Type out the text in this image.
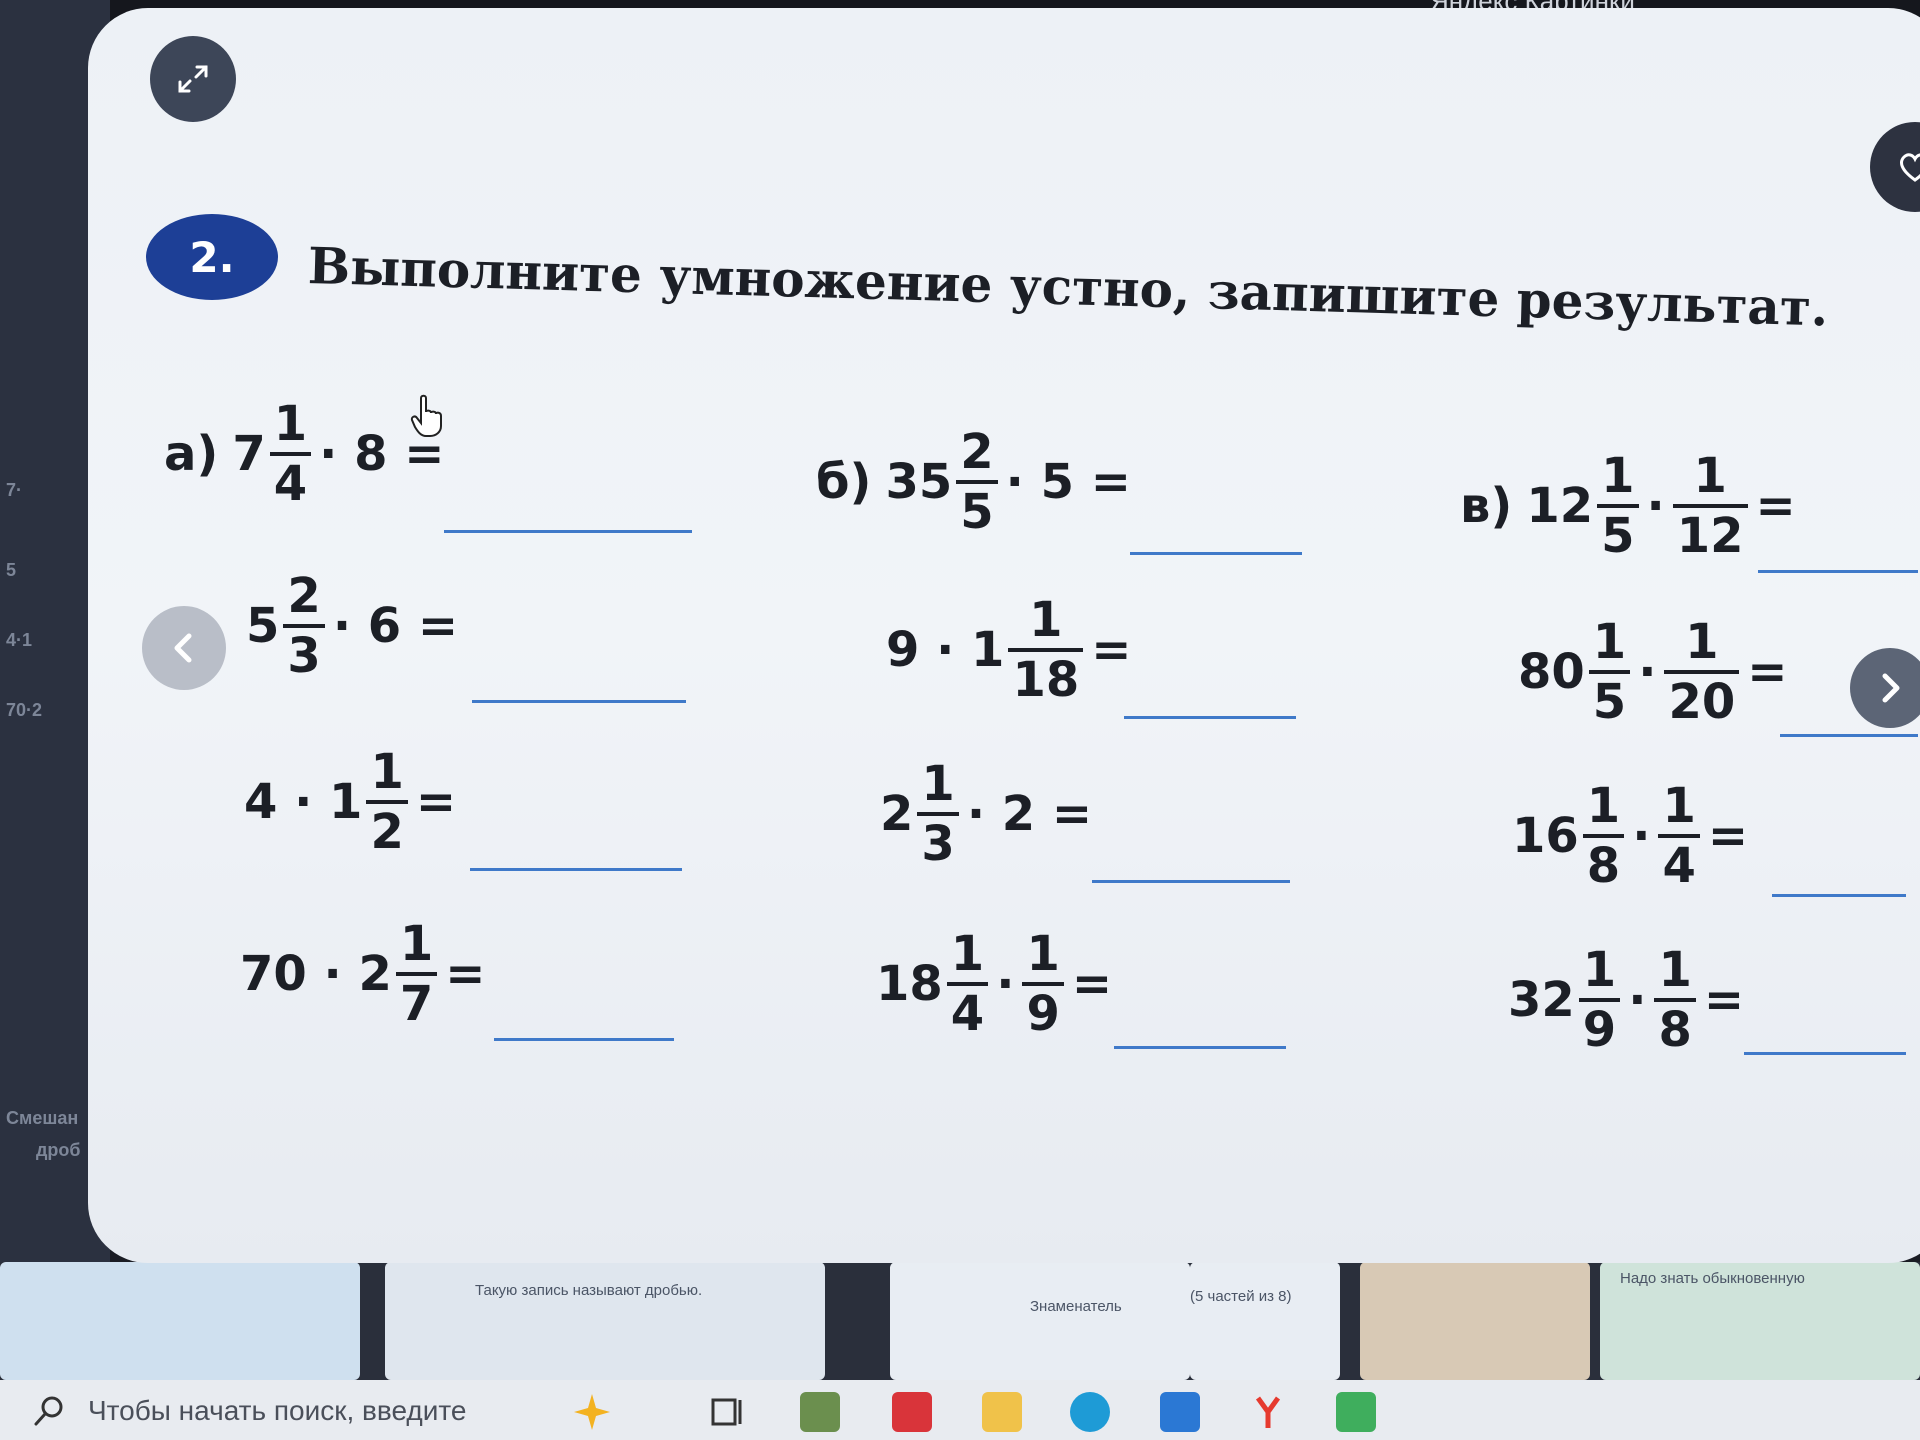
7·
5
4·1
70·2
Смешан
дроб
Такую запись называют дробью.
Знаменатель
(5 частей из 8)
Надо знать обыкновенную
2.	Выполните умножение устно, запишите результат.
а) $7 \frac{1}{4} \cdot 8$ =
$5 \frac{2}{3} \cdot 6$ =
$4 \cdot 1 \frac{1}{2}$ =
$70 \cdot 2 \frac{1}{7}$ =
б) $35 \frac{2}{5} \cdot 5$ =
$9 \cdot 1 \frac{1}{18}$ =
$2 \frac{1}{3} \cdot 2$ =
$18 \frac{1}{4} \cdot \frac{1}{9}$ =
в) $12 \frac{1}{5} \cdot \frac{1}{12}$ =
$80 \frac{1}{5} \cdot \frac{1}{20}$ =
$16 \frac{1}{8} \cdot \frac{1}{4}$ =
$32 \frac{1}{9} \cdot \frac{1}{8}$ =
Чтобы начать поиск, введите
